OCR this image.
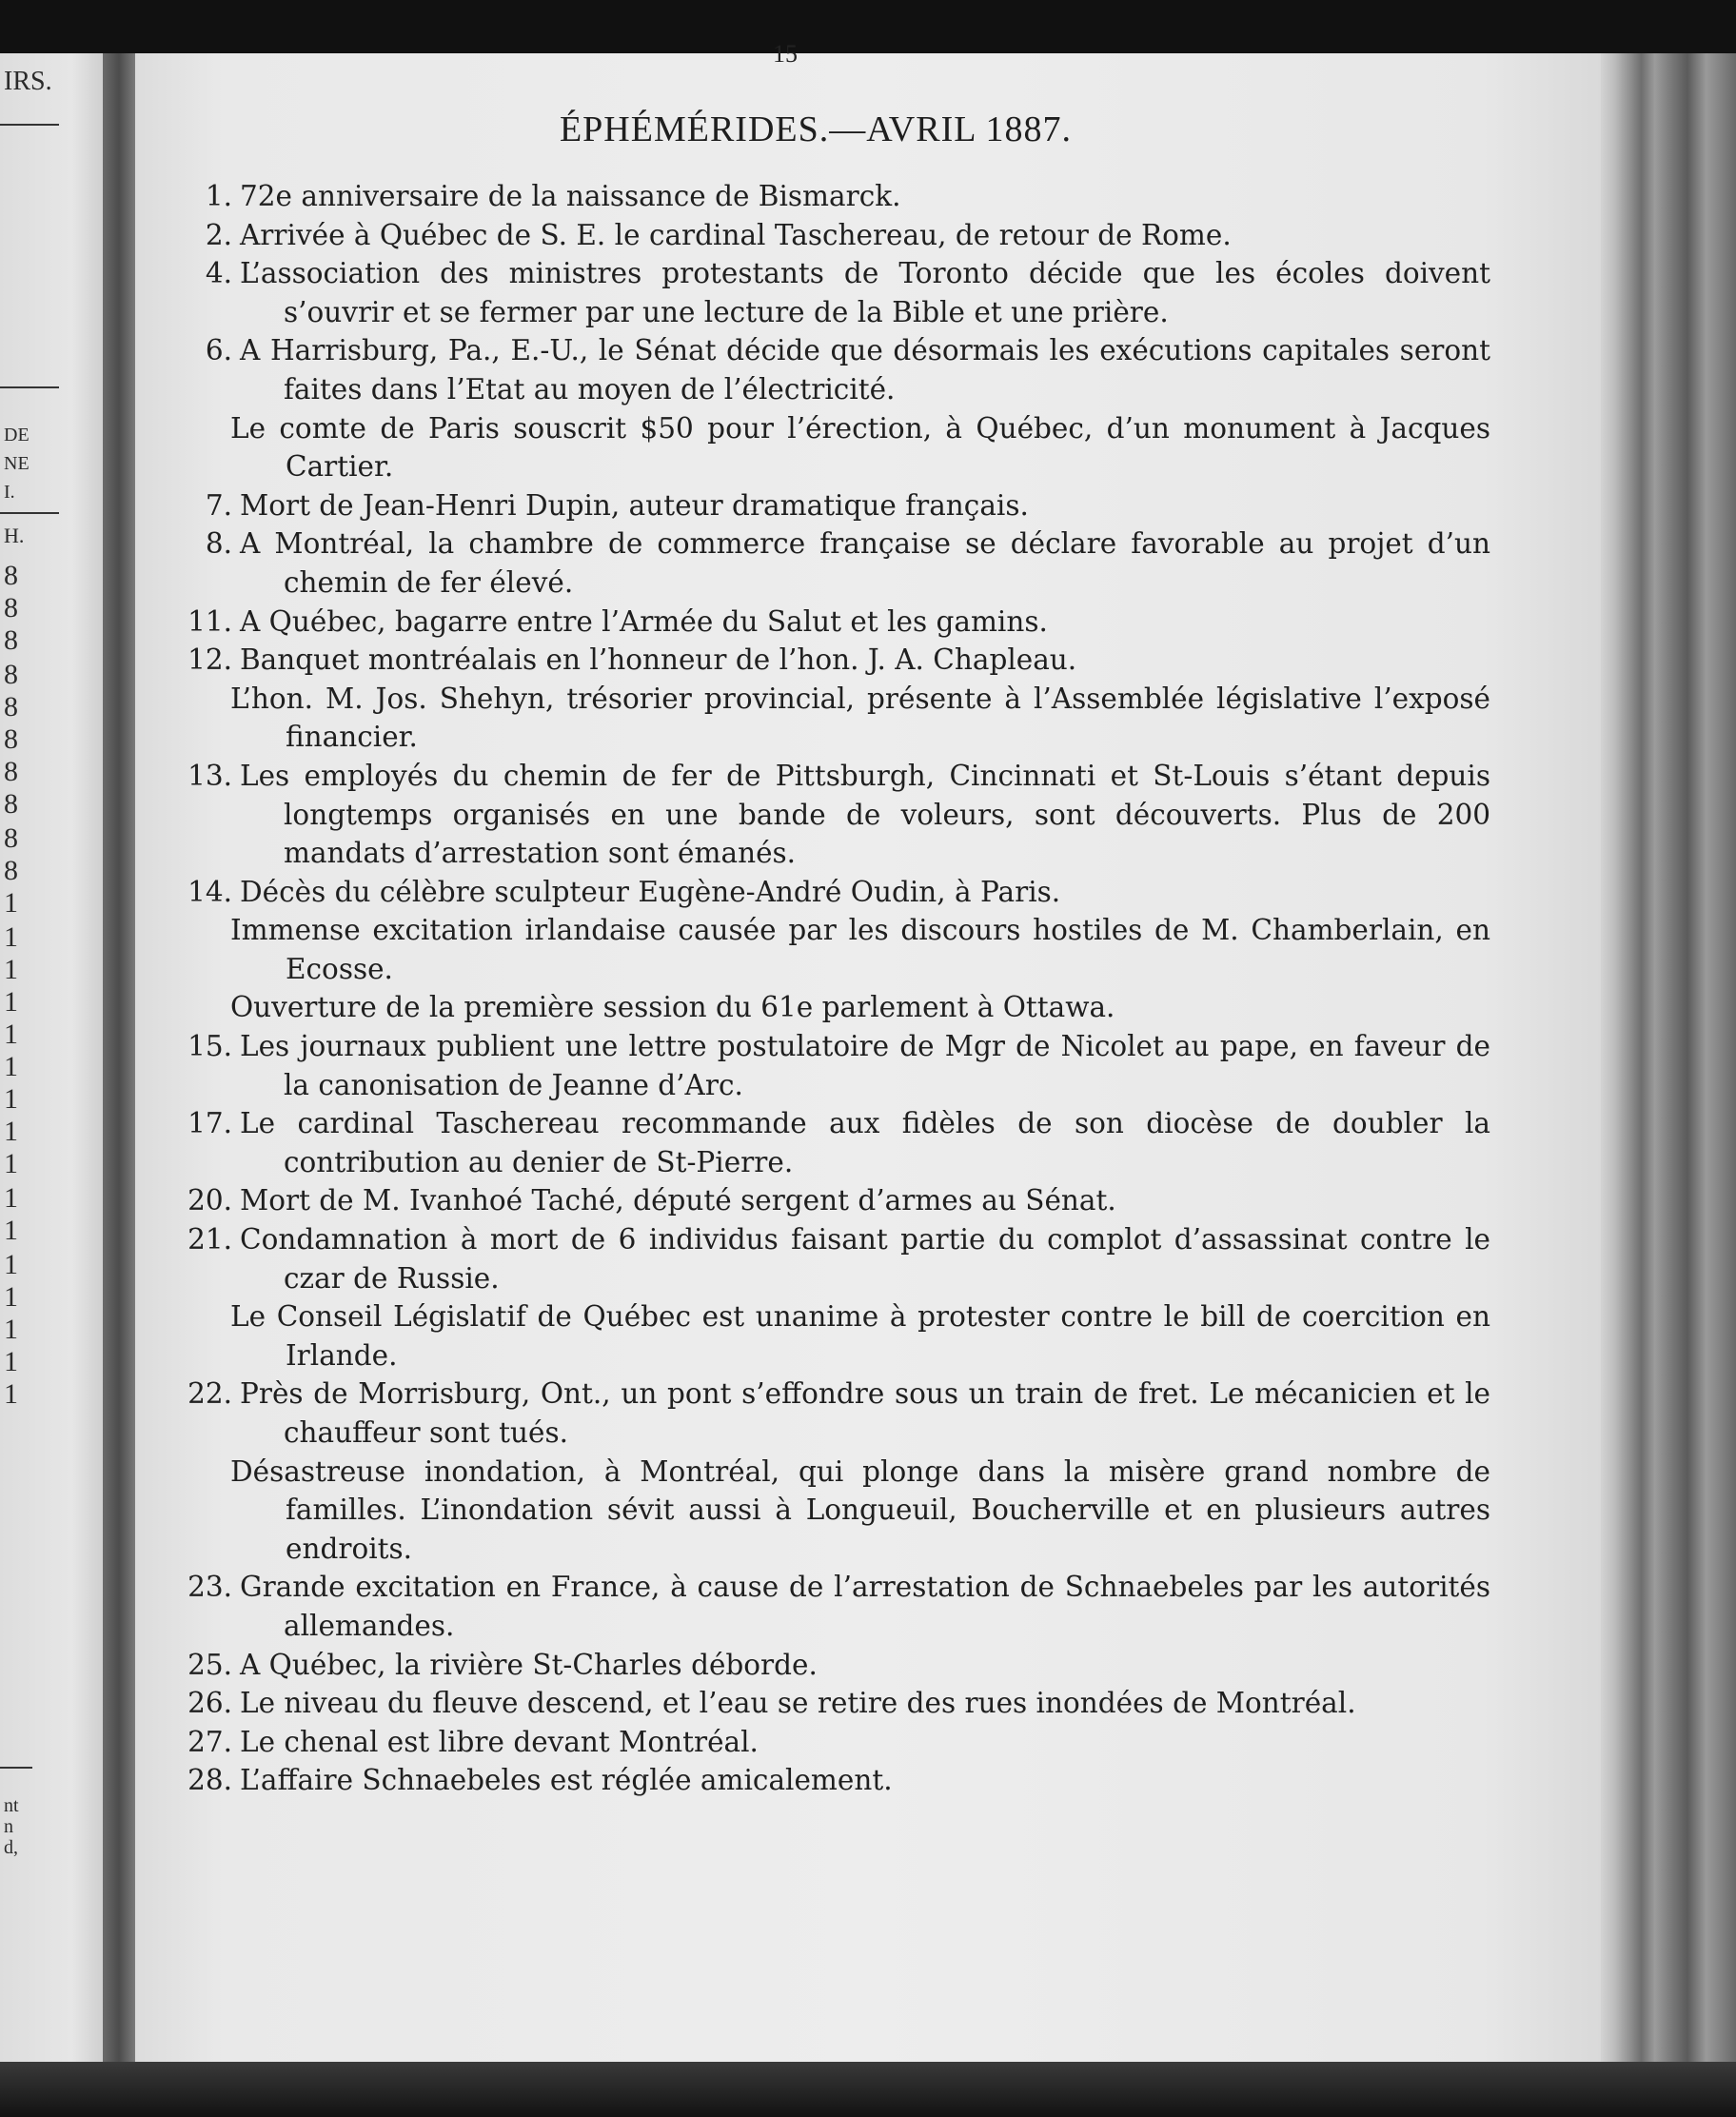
IRS.
DE
NE
I.
H.
8
8
8
8
8
8
8
8
8
8
1
1
1
1
1
1
1
1
1
1
1
1
1
1
1
1
nt
n
d,
15
ÉPHÉMÉRIDES.—AVRIL 1887.
1. 72e anniversaire de la naissance de Bismarck.
2. Arrivée à Québec de S. E. le cardinal Taschereau, de retour de Rome.
4. L’association des ministres protestants de Toronto décide que les écoles doivent s’ouvrir et se fermer par une lecture de la Bible et une prière.
6. A Harrisburg, Pa., E.-U., le Sénat décide que désormais les exécutions capitales seront faites dans l’Etat au moyen de l’électricité.
Le comte de Paris souscrit $50 pour l’érection, à Québec, d’un monument à Jacques Cartier.
7. Mort de Jean-Henri Dupin, auteur dramatique français.
8. A Montréal, la chambre de commerce française se déclare favorable au projet d’un chemin de fer élevé.
11. A Québec, bagarre entre l’Armée du Salut et les gamins.
12. Banquet montréalais en l’honneur de l’hon. J. A. Chapleau.
L’hon. M. Jos. Shehyn, trésorier provincial, présente à l’Assemblée législative l’exposé financier.
13. Les employés du chemin de fer de Pittsburgh, Cincinnati et St-Louis s’étant depuis longtemps organisés en une bande de voleurs, sont découverts. Plus de 200 mandats d’arrestation sont émanés.
14. Décès du célèbre sculpteur Eugène-André Oudin, à Paris.
Immense excitation irlandaise causée par les discours hostiles de M. Chamberlain, en Ecosse.
Ouverture de la première session du 61e parlement à Ottawa.
15. Les journaux publient une lettre postulatoire de Mgr de Nicolet au pape, en faveur de la canonisation de Jeanne d’Arc.
17. Le cardinal Taschereau recommande aux fidèles de son diocèse de doubler la contribution au denier de St-Pierre.
20. Mort de M. Ivanhoé Taché, député sergent d’armes au Sénat.
21. Condamnation à mort de 6 individus faisant partie du complot d’assassinat contre le czar de Russie.
Le Conseil Législatif de Québec est unanime à protester contre le bill de coercition en Irlande.
22. Près de Morrisburg, Ont., un pont s’effondre sous un train de fret. Le mécanicien et le chauffeur sont tués.
Désastreuse inondation, à Montréal, qui plonge dans la misère grand nombre de familles. L’inondation sévit aussi à Longueuil, Boucherville et en plusieurs autres endroits.
23. Grande excitation en France, à cause de l’arrestation de Schnaebeles par les autorités allemandes.
25. A Québec, la rivière St-Charles déborde.
26. Le niveau du fleuve descend, et l’eau se retire des rues inondées de Montréal.
27. Le chenal est libre devant Montréal.
28. L’affaire Schnaebeles est réglée amicalement.
